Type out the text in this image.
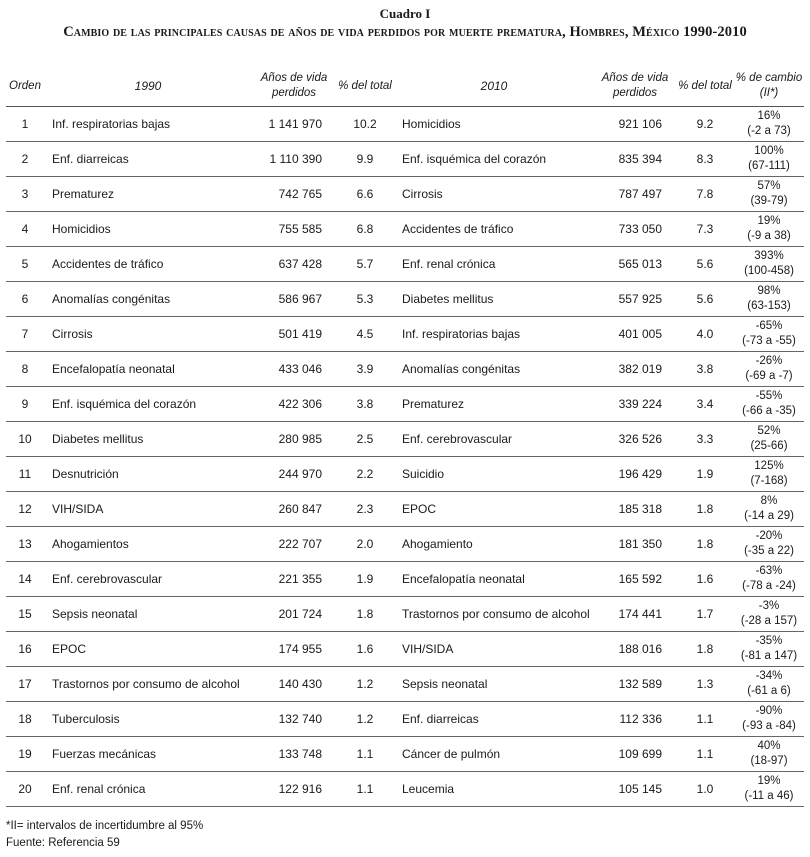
Cuadro I
Cambio de las principales causas de años de vida perdidos por muerte prematura, Hombres, México 1990-2010
Orden	1990	Años de vida perdidos	% del total	2010	Años de vida perdidos	% del total	% de cambio (II*)
1	Inf. respiratorias bajas	1 141 970	10.2	Homicidios	921 106	9.2	16%
(-2 a 73)

2	Enf. diarreicas	1 110 390	9.9	Enf. isquémica del corazón	835 394	8.3	100%
(67-111)

3	Prematurez	742 765	6.6	Cirrosis	787 497	7.8	57%
(39-79)

4	Homicidios	755 585	6.8	Accidentes de tráfico	733 050	7.3	19%
(-9 a 38)

5	Accidentes de tráfico	637 428	5.7	Enf. renal crónica	565 013	5.6	393%
(100-458)

6	Anomalías congénitas	586 967	5.3	Diabetes mellitus	557 925	5.6	98%
(63-153)

7	Cirrosis	501 419	4.5	Inf. respiratorias bajas	401 005	4.0	-65%
(-73 a -55)

8	Encefalopatía neonatal	433 046	3.9	Anomalías congénitas	382 019	3.8	-26%
(-69 a -7)

9	Enf. isquémica del corazón	422 306	3.8	Prematurez	339 224	3.4	-55%
(-66 a -35)

10	Diabetes mellitus	280 985	2.5	Enf. cerebrovascular	326 526	3.3	52%
(25-66)

11	Desnutrición	244 970	2.2	Suicidio	196 429	1.9	125%
(7-168)

12	VIH/SIDA	260 847	2.3	EPOC	185 318	1.8	8%
(-14 a 29)

13	Ahogamientos	222 707	2.0	Ahogamiento	181 350	1.8	-20%
(-35 a 22)

14	Enf. cerebrovascular	221 355	1.9	Encefalopatía neonatal	165 592	1.6	-63%
(-78 a -24)

15	Sepsis neonatal	201 724	1.8	Trastornos por consumo de alcohol	174 441	1.7	-3%
(-28 a 157)

16	EPOC	174 955	1.6	VIH/SIDA	188 016	1.8	-35%
(-81 a 147)

17	Trastornos por consumo de alcohol	140 430	1.2	Sepsis neonatal	132 589	1.3	-34%
(-61 a 6)

18	Tuberculosis	132 740	1.2	Enf. diarreicas	112 336	1.1	-90%
(-93 a -84)

19	Fuerzas mecánicas	133 748	1.1	Cáncer de pulmón	109 699	1.1	40%
(18-97)

20	Enf. renal crónica	122 916	1.1	Leucemia	105 145	1.0	19%
(-11 a 46)
*II= intervalos de incertidumbre al 95%
Fuente: Referencia 59
